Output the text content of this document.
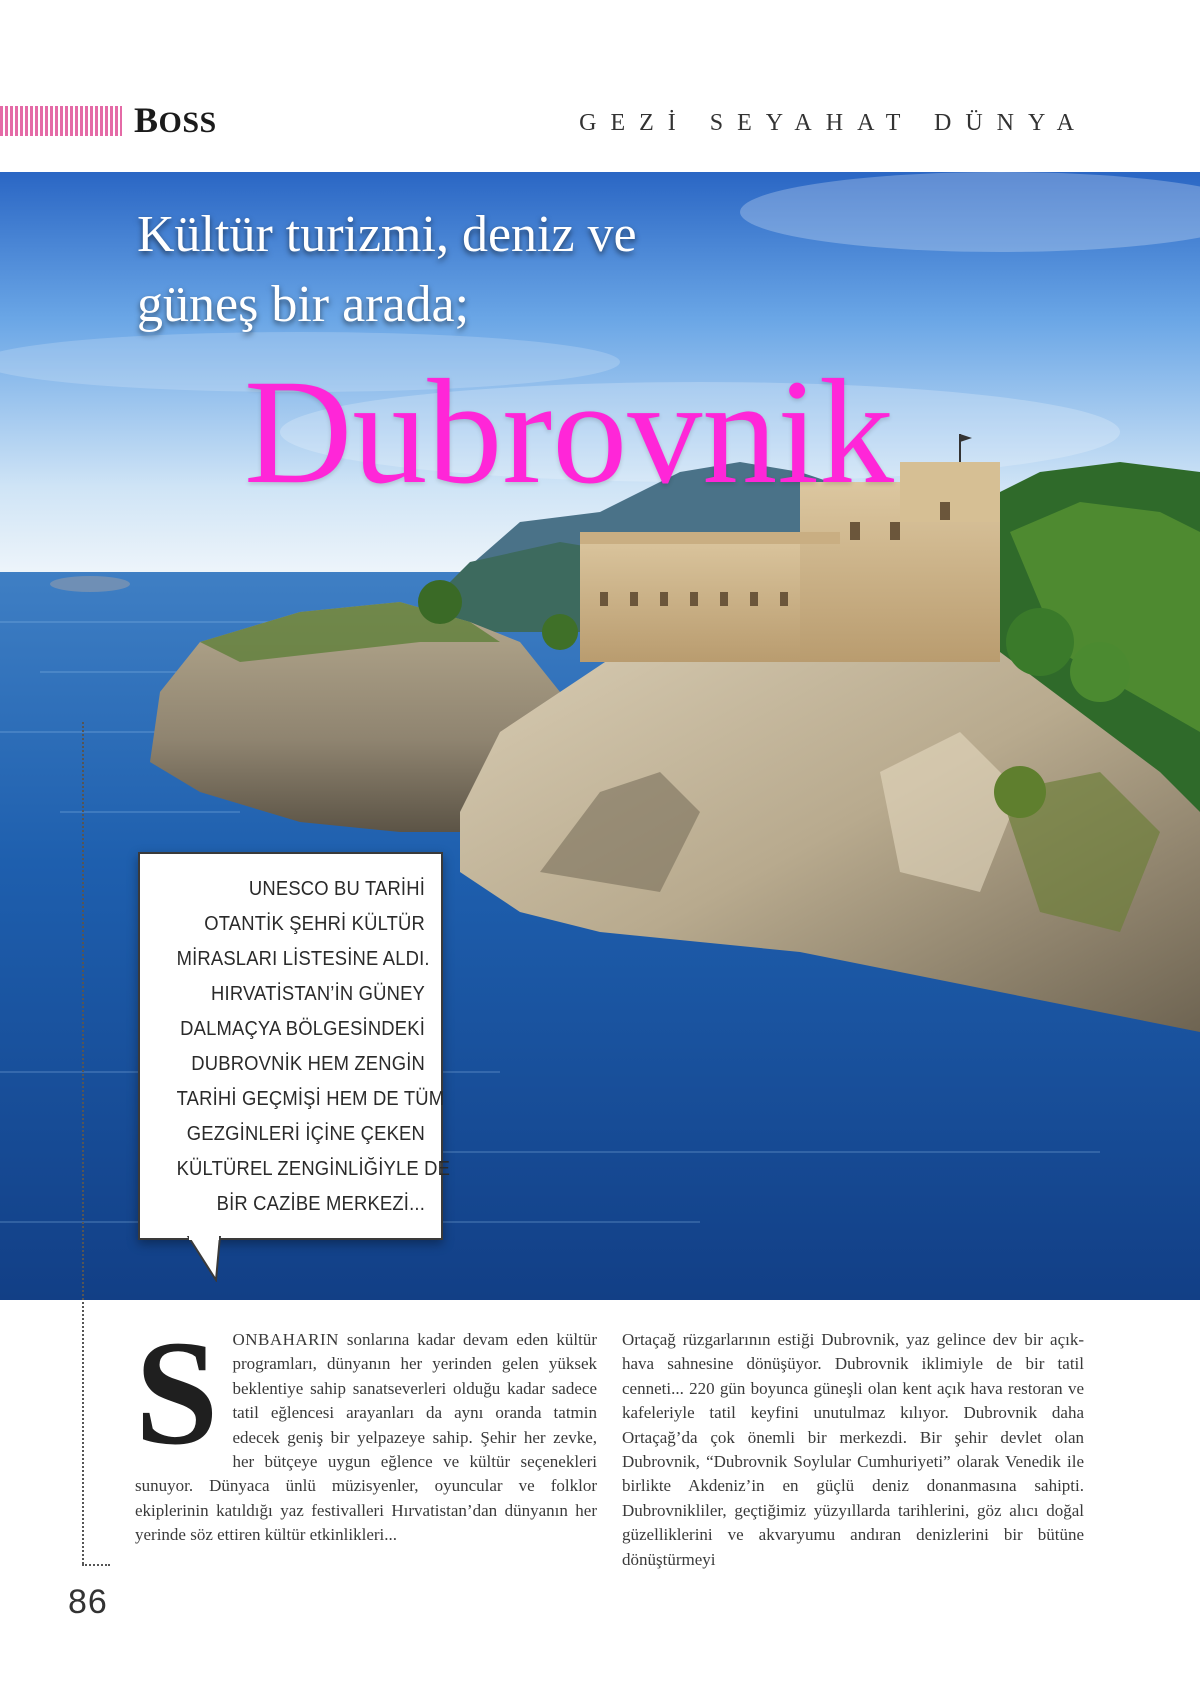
BOSS	GEZİ SEYAHAT DÜNYA
Kültür turizmi, deniz ve
güneş bir arada;
Dubrovnik
86
UNESCO BU TARİHİ
OTANTİK ŞEHRİ KÜLTÜR
MİRASLARI LİSTESİNE ALDI.
HIRVATİSTAN’İN GÜNEY
DALMAÇYA BÖLGESİNDEKİ
DUBROVNİK HEM ZENGİN
TARİHİ GEÇMİŞİ HEM DE TÜM
GEZGİNLERİ İÇİNE ÇEKEN
KÜLTÜREL ZENGİNLİĞİYLE DE
BİR CAZİBE MERKEZİ...
SONBAHARIN sonlarına kadar devam eden kültür programları, dünyanın her yerinden gelen yüksek beklentiye sahip sanatseverleri olduğu kadar sadece tatil eğlencesi arayanları da aynı oranda tatmin edecek geniş bir yelpazeye sahip. Şehir her zevke, her bütçeye uygun eğlence ve kültür seçenekleri sunuyor. Dünyaca ünlü müzisyenler, oyuncular ve folklor ekiplerinin katıldığı yaz festivalleri Hırvatistan’dan dünyanın her yerinde söz ettiren kültür etkinlikleri...
Ortaçağ rüzgarlarının estiği Dubrovnik, yaz gelince dev bir açık-hava sahnesine dönüşüyor. Dubrovnik iklimiyle de bir tatil cenneti... 220 gün boyunca güneşli olan kent açık hava restoran ve kafeleriyle tatil keyfini unutulmaz kılıyor. Dubrovnik daha Ortaçağ’da çok önemli bir merkezdi. Bir şehir devlet olan Dubrovnik, “Dubrovnik Soylular Cumhuriyeti” olarak Venedik ile birlikte Akdeniz’in en güçlü deniz donanmasına sahipti. Dubrovnikliler, geçtiğimiz yüzyıllarda tarihlerini, göz alıcı doğal güzelliklerini ve akvaryumu andıran denizlerini bir bütüne dönüştürmeyi
